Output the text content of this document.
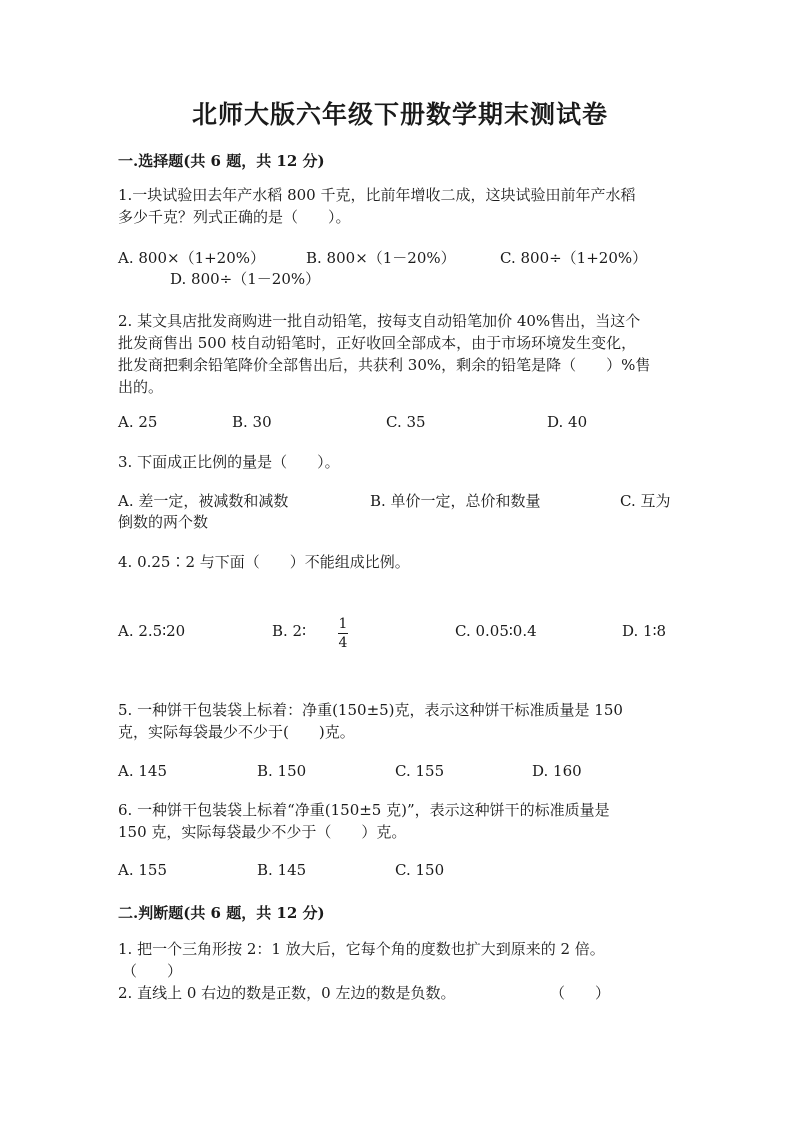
北师大版六年级下册数学期末测试卷
一.选择题(共 6 题，共 12 分)
1.一块试验田去年产水稻 800 千克，比前年增收二成，这块试验田前年产水稻
多少千克？列式正确的是（　　）。
A. 800×（1+20%）	B. 800×（1－20%）	C. 800÷（1+20%）
D. 800÷（1－20%）
2. 某文具店批发商购进一批自动铅笔，按每支自动铅笔加价 40%售出，当这个
批发商售出 500 枝自动铅笔时，正好收回全部成本，由于市场环境发生变化，
批发商把剩余铅笔降价全部售出后，共获利 30%，剩余的铅笔是降（　　）%售
出的。
A. 25	B. 30	C. 35	D. 40
3. 下面成正比例的量是（　　）。
A. 差一定，被减数和减数	B. 单价一定，总价和数量	C. 互为
倒数的两个数
4. 0.25∶2 与下面（　　）不能组成比例。
A. 2.5∶20	B. 2∶ 1
4
C. 0.05∶0.4	D. 1∶8
5. 一种饼干包装袋上标着：净重(150±5)克，表示这种饼干标准质量是 150
克，实际每袋最少不少于(　　)克。
A. 145	B. 150	C. 155	D. 160
6. 一种饼干包装袋上标着“净重(150±5 克)”，表示这种饼干的标准质量是
150 克，实际每袋最少不少于（　　）克。
A. 155	B. 145	C. 150
二.判断题(共 6 题，共 12 分)
1. 把一个三角形按 2：1 放大后，它每个角的度数也扩大到原来的 2 倍。
（　　）
2. 直线上 0 右边的数是正数，0 左边的数是负数。	（　　）
